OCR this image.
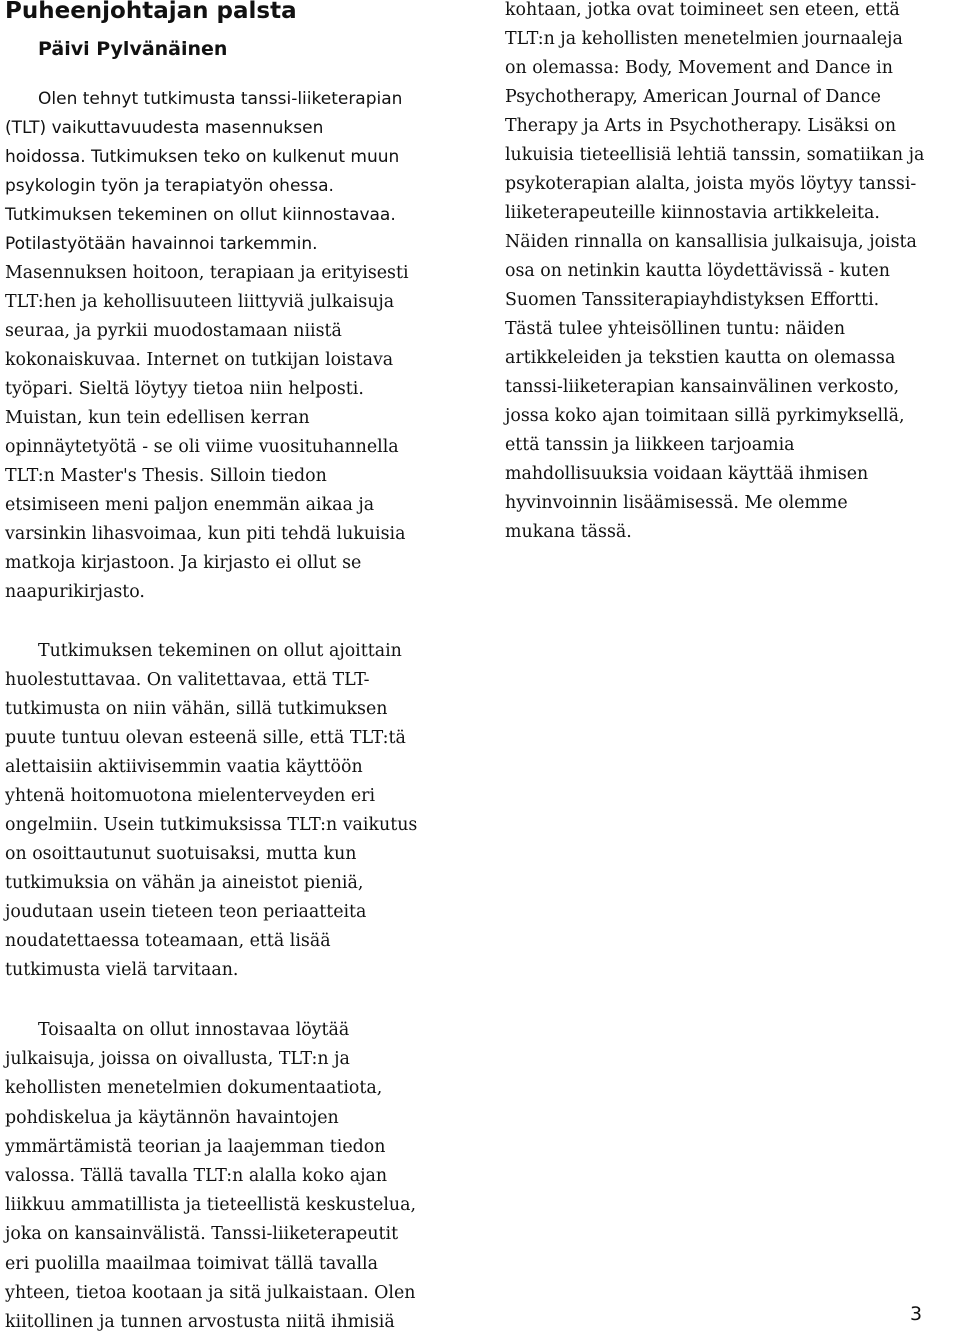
Puheenjohtajan palsta
Päivi Pylvänäinen
Olen tehnyt tutkimusta tanssi-liiketerapian
(TLT) vaikuttavuudesta masennuksen
hoidossa. Tutkimuksen teko on kulkenut muun
psykologin työn ja terapiatyön ohessa.
Tutkimuksen tekeminen on ollut kiinnostavaa.
Potilastyötään havainnoi tarkemmin.
Masennuksen hoitoon, terapiaan ja erityisesti
TLT:hen ja kehollisuuteen liittyviä julkaisuja
seuraa, ja pyrkii muodostamaan niistä
kokonaiskuvaa. Internet on tutkijan loistava
työpari. Sieltä löytyy tietoa niin helposti.
Muistan, kun tein edellisen kerran
opinnäytetyötä - se oli viime vuosituhannella
TLT:n Master's Thesis. Silloin tiedon
etsimiseen meni paljon enemmän aikaa ja
varsinkin lihasvoimaa, kun piti tehdä lukuisia
matkoja kirjastoon. Ja kirjasto ei ollut se
naapurikirjasto.
Tutkimuksen tekeminen on ollut ajoittain
huolestuttavaa. On valitettavaa, että TLT-
tutkimusta on niin vähän, sillä tutkimuksen
puute tuntuu olevan esteenä sille, että TLT:tä
alettaisiin aktiivisemmin vaatia käyttöön
yhtenä hoitomuotona mielenterveyden eri
ongelmiin. Usein tutkimuksissa TLT:n vaikutus
on osoittautunut suotuisaksi, mutta kun
tutkimuksia on vähän ja aineistot pieniä,
joudutaan usein tieteen teon periaatteita
noudatettaessa toteamaan, että lisää
tutkimusta vielä tarvitaan.
Toisaalta on ollut innostavaa löytää
julkaisuja, joissa on oivallusta, TLT:n ja
kehollisten menetelmien dokumentaatiota,
pohdiskelua ja käytännön havaintojen
ymmärtämistä teorian ja laajemman tiedon
valossa. Tällä tavalla TLT:n alalla koko ajan
liikkuu ammatillista ja tieteellistä keskustelua,
joka on kansainvälistä. Tanssi-liiketerapeutit
eri puolilla maailmaa toimivat tällä tavalla
yhteen, tietoa kootaan ja sitä julkaistaan. Olen
kiitollinen ja tunnen arvostusta niitä ihmisiä
kohtaan, jotka ovat toimineet sen eteen, että
TLT:n ja kehollisten menetelmien journaaleja
on olemassa: Body, Movement and Dance in
Psychotherapy, American Journal of Dance
Therapy ja Arts in Psychotherapy. Lisäksi on
lukuisia tieteellisiä lehtiä tanssin, somatiikan ja
psykoterapian alalta, joista myös löytyy tanssi-
liiketerapeuteille kiinnostavia artikkeleita.
Näiden rinnalla on kansallisia julkaisuja, joista
osa on netinkin kautta löydettävissä - kuten
Suomen Tanssiterapiayhdistyksen Effortti.
Tästä tulee yhteisöllinen tuntu: näiden
artikkeleiden ja tekstien kautta on olemassa
tanssi-liiketerapian kansainvälinen verkosto,
jossa koko ajan toimitaan sillä pyrkimyksellä,
että tanssin ja liikkeen tarjoamia
mahdollisuuksia voidaan käyttää ihmisen
hyvinvoinnin lisäämisessä. Me olemme
mukana tässä.
3
